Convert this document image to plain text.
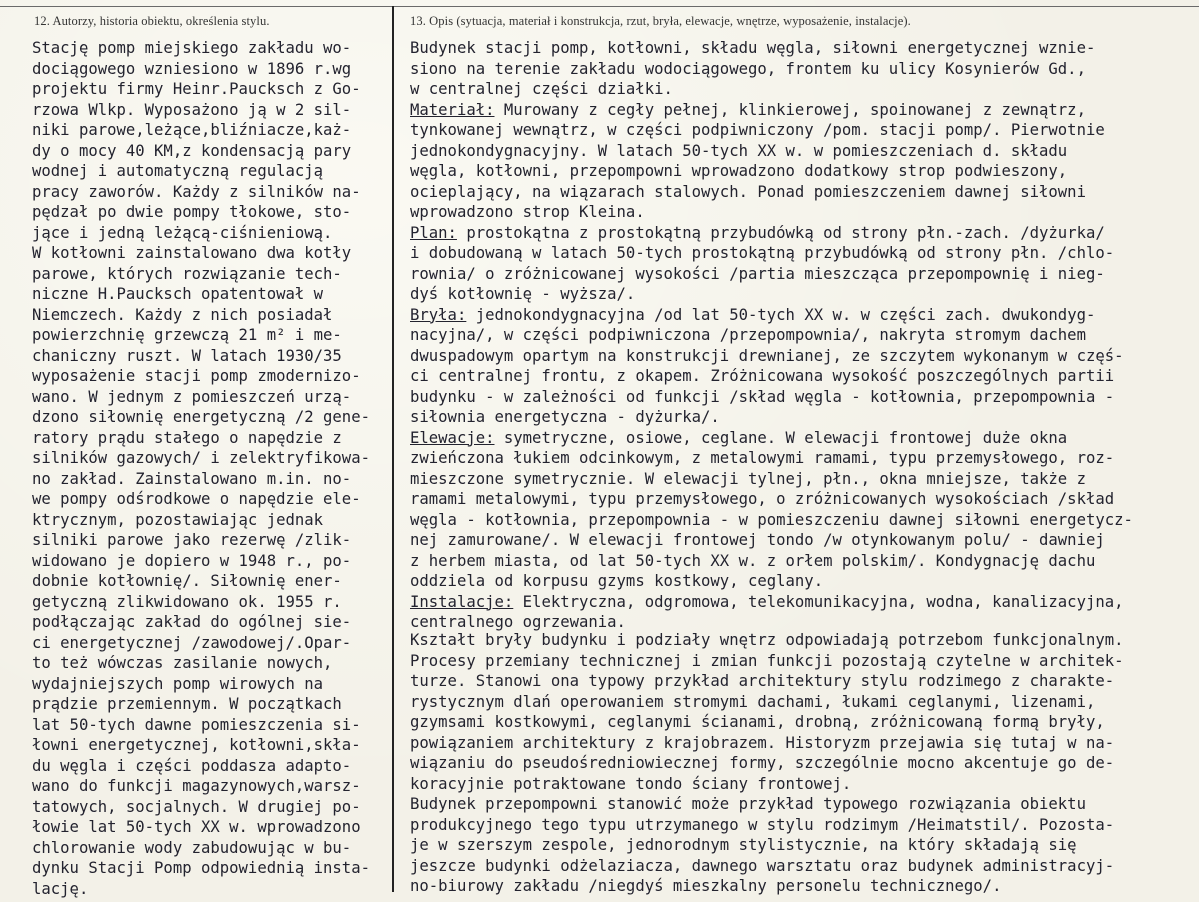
12. Autorzy, historia obiektu, określenia stylu.	13. Opis (sytuacja, materiał i konstrukcja, rzut, bryła, elewacje, wnętrze, wyposażenie, instalacje).
Stację pomp miejskiego zakładu wo-
dociągowego wzniesiono w 1896 r.wg
projektu firmy Heinr.Paucksch z Go-
rzowa Wlkp. Wyposażono ją w 2 sil-
niki parowe,leżące,bliźniacze,każ-
dy o mocy 40 KM,z kondensacją pary
wodnej i automatyczną regulacją
pracy zaworów. Każdy z silników na-
pędzał po dwie pompy tłokowe, sto-
jące i jedną leżącą-ciśnieniową.
W kotłowni zainstalowano dwa kotły
parowe, których rozwiązanie tech-
niczne H.Paucksch opatentował w
Niemczech. Każdy z nich posiadał
powierzchnię grzewczą 21 m² i me-
chaniczny ruszt. W latach 1930/35
wyposażenie stacji pomp zmodernizo-
wano. W jednym z pomieszczeń urzą-
dzono siłownię energetyczną /2 gene-
ratory prądu stałego o napędzie z
silników gazowych/ i zelektryfikowa-
no zakład. Zainstalowano m.in. no-
we pompy odśrodkowe o napędzie ele-
ktrycznym, pozostawiając jednak
silniki parowe jako rezerwę /zlik-
widowano je dopiero w 1948 r., po-
dobnie kotłownię/. Siłownię ener-
getyczną zlikwidowano ok. 1955 r.
podłączając zakład do ogólnej sie-
ci energetycznej /zawodowej/.Opar-
to też wówczas zasilanie nowych,
wydajniejszych pomp wirowych na
prądzie przemiennym. W początkach
lat 50-tych dawne pomieszczenia si-
łowni energetycznej, kotłowni,skła-
du węgla i części poddasza adapto-
wano do funkcji magazynowych,warsz-
tatowych, socjalnych. W drugiej po-
łowie lat 50-tych XX w. wprowadzono
chlorowanie wody zabudowując w bu-
dynku Stacji Pomp odpowiednią insta-
lację.
Budynek stacji pomp, kotłowni, składu węgla, siłowni energetycznej wznie-
siono na terenie zakładu wodociągowego, frontem ku ulicy Kosynierów Gd.,
w centralnej części działki.
Materiał: Murowany z cegły pełnej, klinkierowej, spoinowanej z zewnątrz,
tynkowanej wewnątrz, w części podpiwniczony /pom. stacji pomp/. Pierwotnie
jednokondygnacyjny. W latach 50-tych XX w. w pomieszczeniach d. składu
węgla, kotłowni, przepompowni wprowadzono dodatkowy strop podwieszony,
ocieplający, na wiązarach stalowych. Ponad pomieszczeniem dawnej siłowni
wprowadzono strop Kleina.
Plan: prostokątna z prostokątną przybudówką od strony płn.-zach. /dyżurka/
i dobudowaną w latach 50-tych prostokątną przybudówką od strony płn. /chlo-
rownia/ o zróżnicowanej wysokości /partia mieszcząca przepompownię i nieg-
dyś kotłownię - wyższa/.
Bryła: jednokondygnacyjna /od lat 50-tych XX w. w części zach. dwukondyg-
nacyjna/, w części podpiwniczona /przepompownia/, nakryta stromym dachem
dwuspadowym opartym na konstrukcji drewnianej, ze szczytem wykonanym w częś-
ci centralnej frontu, z okapem. Zróżnicowana wysokość poszczególnych partii
budynku - w zależności od funkcji /skład węgla - kotłownia, przepompownia -
siłownia energetyczna - dyżurka/.
Elewacje: symetryczne, osiowe, ceglane. W elewacji frontowej duże okna
zwieńczona łukiem odcinkowym, z metalowymi ramami, typu przemysłowego, roz-
mieszczone symetrycznie. W elewacji tylnej, płn., okna mniejsze, także z
ramami metalowymi, typu przemysłowego, o zróżnicowanych wysokościach /skład
węgla - kotłownia, przepompownia - w pomieszczeniu dawnej siłowni energetycz-
nej zamurowane/. W elewacji frontowej tondo /w otynkowanym polu/ - dawniej
z herbem miasta, od lat 50-tych XX w. z orłem polskim/. Kondygnację dachu
oddziela od korpusu gzyms kostkowy, ceglany.
Instalacje: Elektryczna, odgromowa, telekomunikacyjna, wodna, kanalizacyjna,
centralnego ogrzewania.
Kształt bryły budynku i podziały wnętrz odpowiadają potrzebom funkcjonalnym.
Procesy przemiany technicznej i zmian funkcji pozostają czytelne w architek-
turze. Stanowi ona typowy przykład architektury stylu rodzimego z charakte-
rystycznym dlań operowaniem stromymi dachami, łukami ceglanymi, lizenami,
gzymsami kostkowymi, ceglanymi ścianami, drobną, zróżnicowaną formą bryły,
powiązaniem architektury z krajobrazem. Historyzm przejawia się tutaj w na-
wiązaniu do pseudośredniowiecznej formy, szczególnie mocno akcentuje go de-
koracyjnie potraktowane tondo ściany frontowej.
Budynek przepompowni stanowić może przykład typowego rozwiązania obiektu
produkcyjnego tego typu utrzymanego w stylu rodzimym /Heimatstil/. Pozosta-
je w szerszym zespole, jednorodnym stylistycznie, na który składają się
jeszcze budynki odżelaziacza, dawnego warsztatu oraz budynek administracyj-
no-biurowy zakładu /niegdyś mieszkalny personelu technicznego/.
